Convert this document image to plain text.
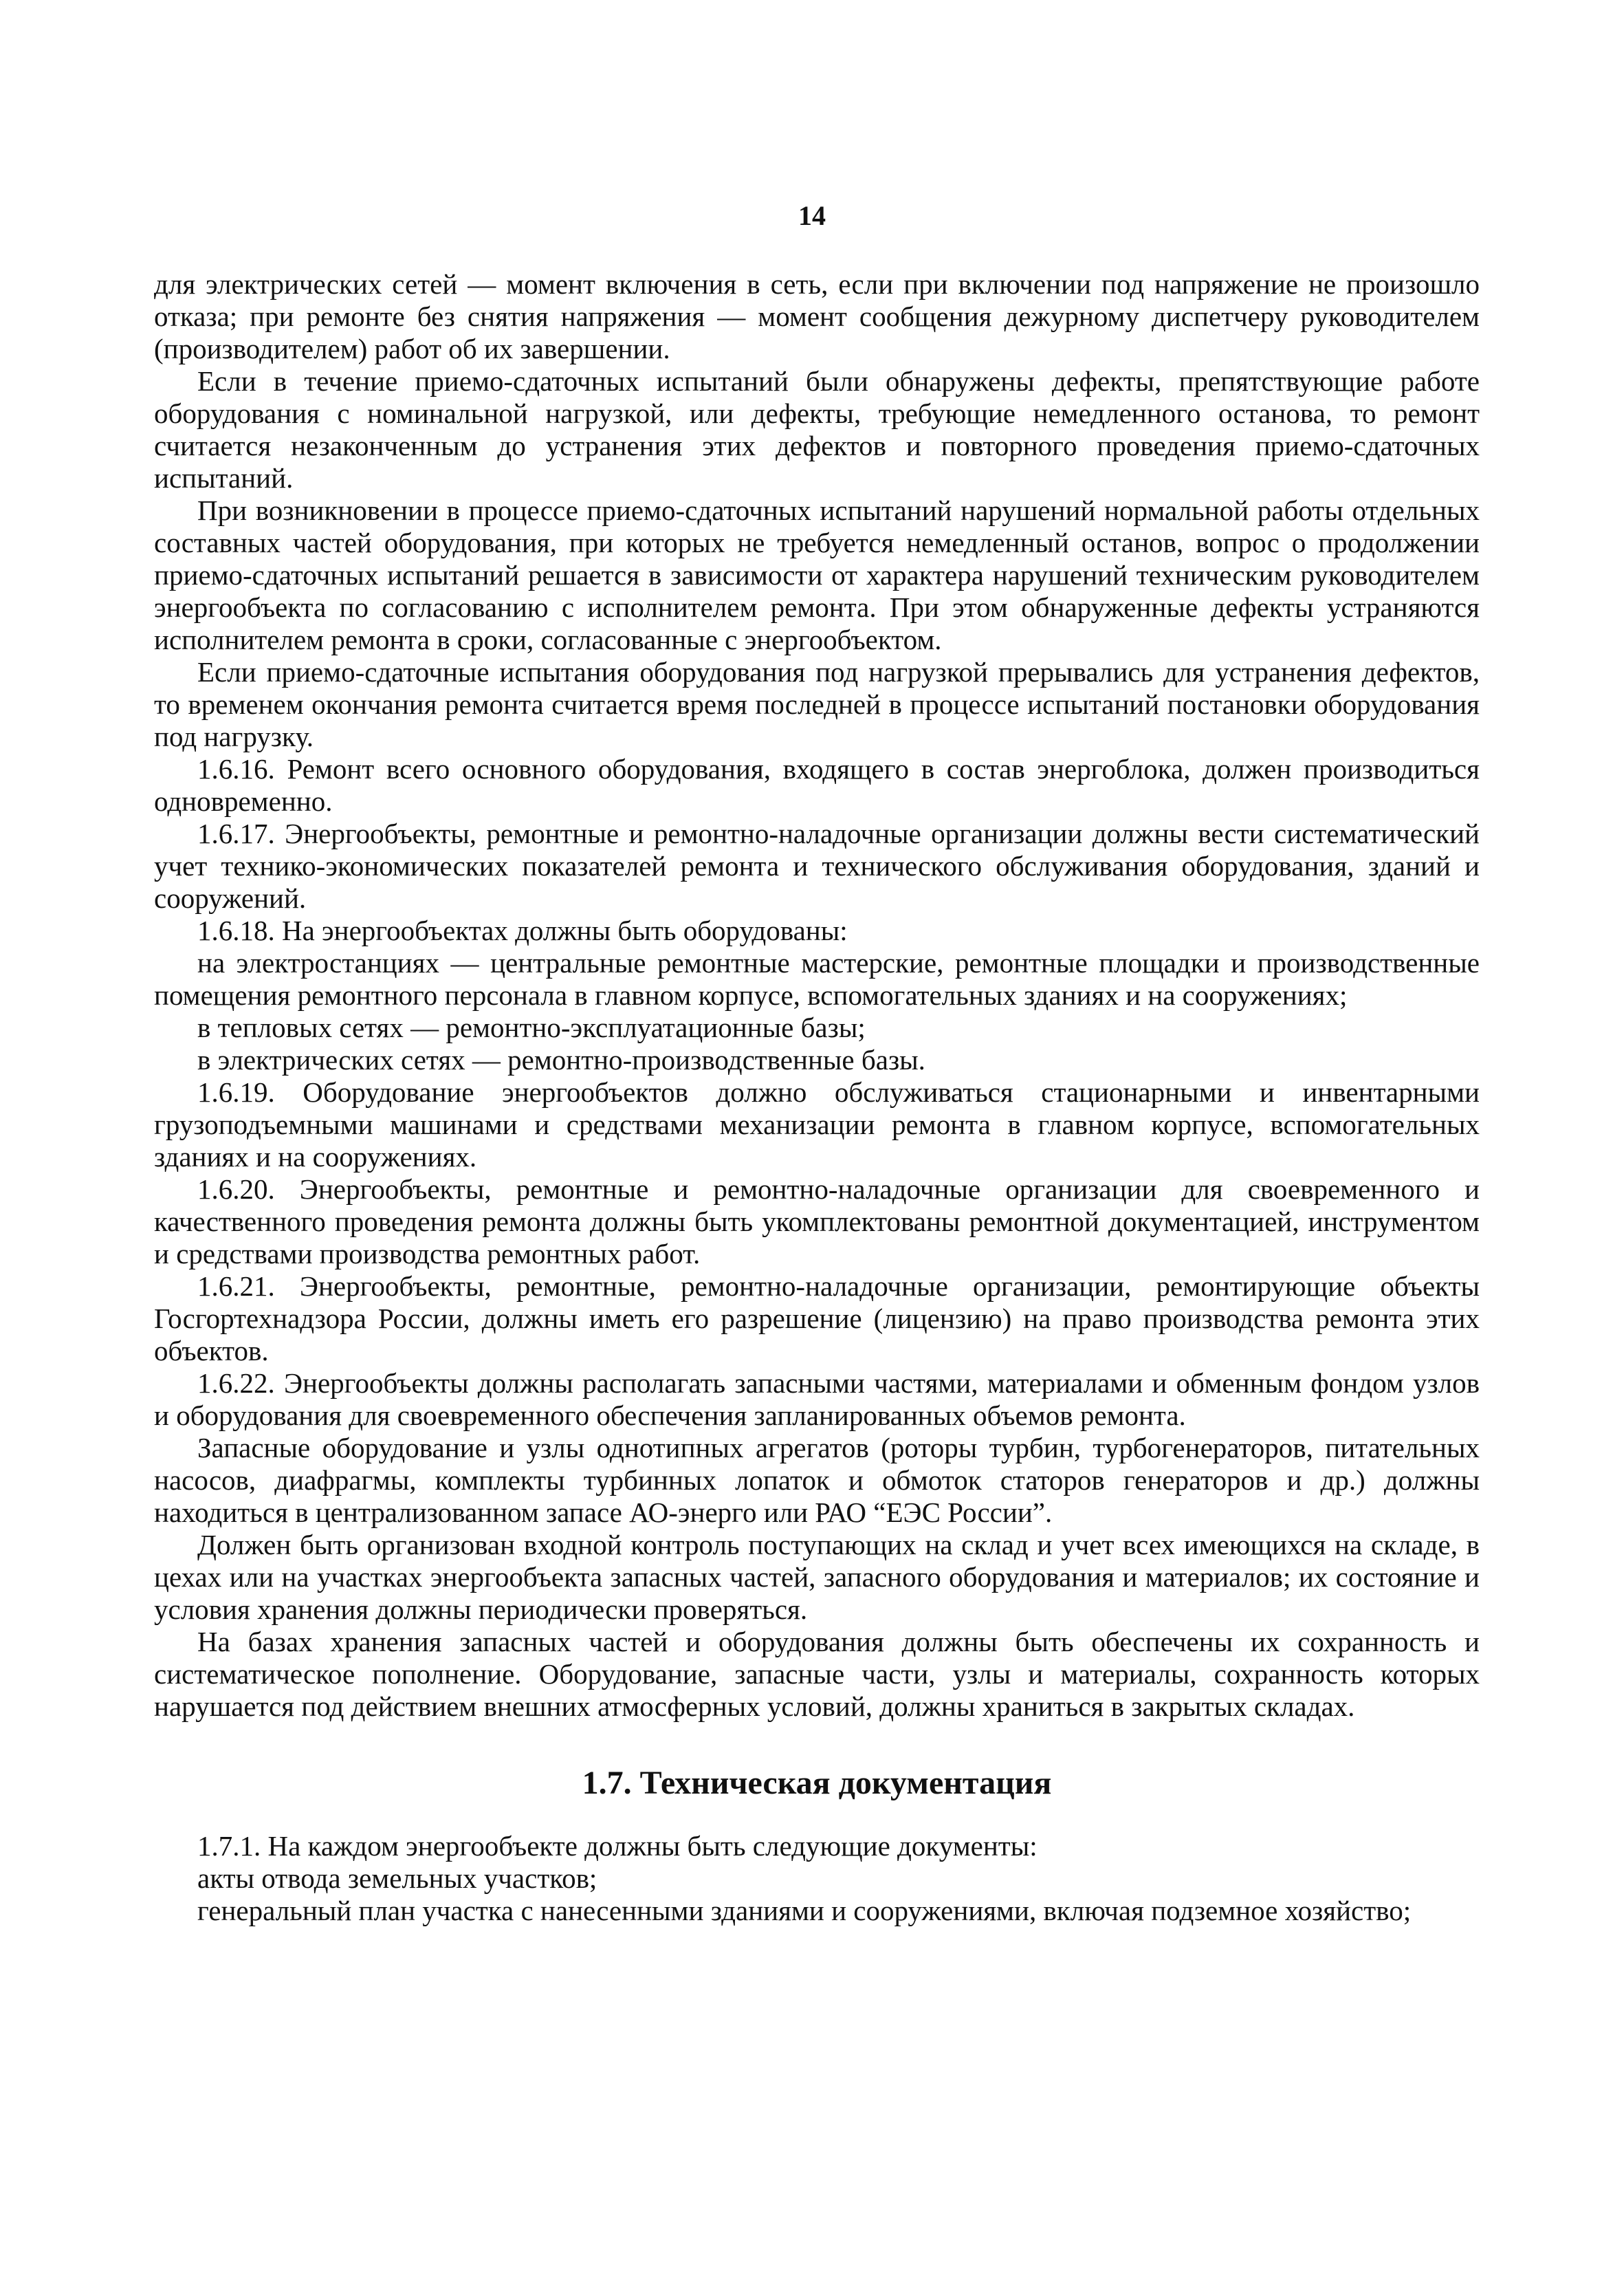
14

для электрических сетей — момент включения в сеть, если при включении под напряжение не произошло отказа; при ремонте без снятия напряжения — момент сообщения дежурному диспетчеру руководителем (производителем) работ об их завершении.

Если в течение приемо-сдаточных испытаний были обнаружены дефекты, препятствующие работе оборудования с номинальной нагрузкой, или дефекты, требующие немедленного останова, то ремонт считается незаконченным до устранения этих дефектов и повторного проведения приемо-сдаточных испытаний.

При возникновении в процессе приемо-сдаточных испытаний нарушений нормальной работы отдельных составных частей оборудования, при которых не требуется немедленный останов, вопрос о продолжении приемо-сдаточных испытаний решается в зависимости от характера нарушений техническим руководителем энергообъекта по согласованию с исполнителем ремонта. При этом обнаруженные дефекты устраняются исполнителем ремонта в сроки, согласованные с энергообъектом.

Если приемо-сдаточные испытания оборудования под нагрузкой прерывались для устранения дефектов, то временем окончания ремонта считается время последней в процессе испытаний постановки оборудования под нагрузку.

1.6.16. Ремонт всего основного оборудования, входящего в состав энергоблока, должен производиться одновременно.

1.6.17. Энергообъекты, ремонтные и ремонтно-наладочные организации должны вести систематический учет технико-экономических показателей ремонта и технического обслуживания оборудования, зданий и сооружений.

1.6.18. На энергообъектах должны быть оборудованы:

на электростанциях — центральные ремонтные мастерские, ремонтные площадки и производственные помещения ремонтного персонала в главном корпусе, вспомогательных зданиях и на сооружениях;

в тепловых сетях — ремонтно-эксплуатационные базы;

в электрических сетях — ремонтно-производственные базы.

1.6.19. Оборудование энергообъектов должно обслуживаться стационарными и инвентарными грузоподъемными машинами и средствами механизации ремонта в главном корпусе, вспомогательных зданиях и на сооружениях.

1.6.20. Энергообъекты, ремонтные и ремонтно-наладочные организации для своевременного и качественного проведения ремонта должны быть укомплектованы ремонтной документацией, инструментом и средствами производства ремонтных работ.

1.6.21. Энергообъекты, ремонтные, ремонтно-наладочные организации, ремонтирующие объекты Госгортехнадзора России, должны иметь его разрешение (лицензию) на право производства ремонта этих объектов.

1.6.22. Энергообъекты должны располагать запасными частями, материалами и обменным фондом узлов и оборудования для своевременного обеспечения запланированных объемов ремонта.

Запасные оборудование и узлы однотипных агрегатов (роторы турбин, турбогенераторов, питательных насосов, диафрагмы, комплекты турбинных лопаток и обмоток статоров генераторов и др.) должны находиться в централизованном запасе АО-энерго или РАО “ЕЭС России”.

Должен быть организован входной контроль поступающих на склад и учет всех имеющихся на складе, в цехах или на участках энергообъекта запасных частей, запасного оборудования и материалов; их состояние и условия хранения должны периодически проверяться.

На базах хранения запасных частей и оборудования должны быть обеспечены их сохранность и систематическое пополнение. Оборудование, запасные части, узлы и материалы, сохранность которых нарушается под действием внешних атмосферных условий, должны храниться в закрытых складах.

1.7. Техническая документация

1.7.1. На каждом энергообъекте должны быть следующие документы:

акты отвода земельных участков;

генеральный план участка с нанесенными зданиями и сооружениями, включая подземное хозяйство;
